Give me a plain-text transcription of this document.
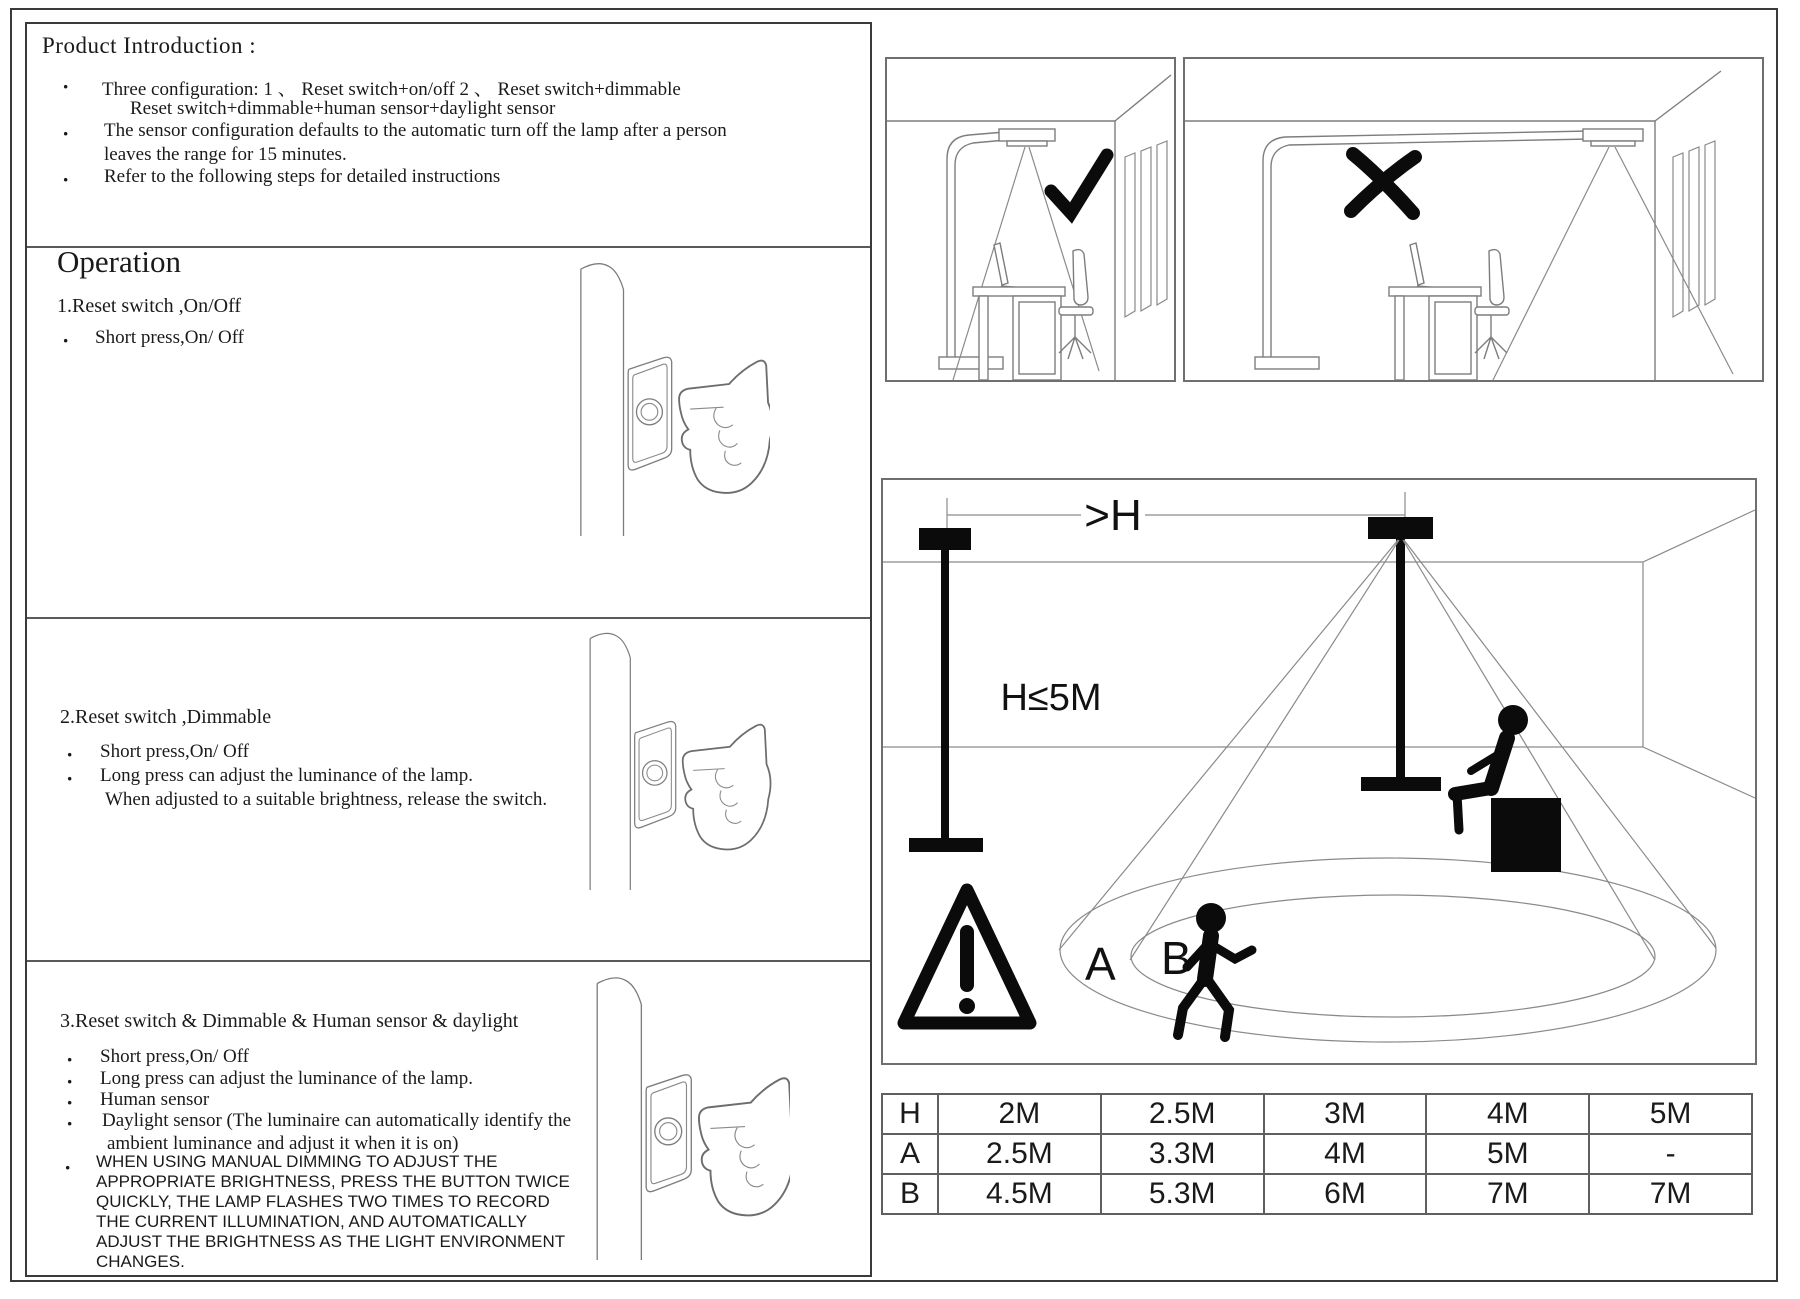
Product Introduction :
· Three configuration: 1 、 Reset switch+on/off 2 、 Reset switch+dimmable
Reset switch+dimmable+human sensor+daylight sensor
· The sensor configuration defaults to the automatic turn off the lamp after a person
leaves the range for 15 minutes.
· Refer to the following steps for detailed instructions
Operation
1.Reset switch ,On/Off
· Short press,On/ Off
2.Reset switch ,Dimmable
· Short press,On/ Off
· Long press can adjust the luminance of the lamp.
When adjusted to a suitable brightness, release the switch.
3.Reset switch & Dimmable & Human sensor & daylight
· Short press,On/ Off
· Long press can adjust the luminance of the lamp.
· Human sensor
· Daylight sensor (The luminaire can automatically identify the
ambient luminance and adjust it when it is on)
· WHEN USING MANUAL DIMMING TO ADJUST THE APPROPRIATE BRIGHTNESS, PRESS THE BUTTON TWICE QUICKLY, THE LAMP FLASHES TWO TIMES TO RECORD THE CURRENT ILLUMINATION, AND AUTOMATICALLY ADJUST THE BRIGHTNESS AS THE LIGHT ENVIRONMENT CHANGES.
>H
H≤5M
A B
H	2M	2.5M	3M	4M	5M
A	2.5M	3.3M	4M	5M	-
B	4.5M	5.3M	6M	7M	7M
